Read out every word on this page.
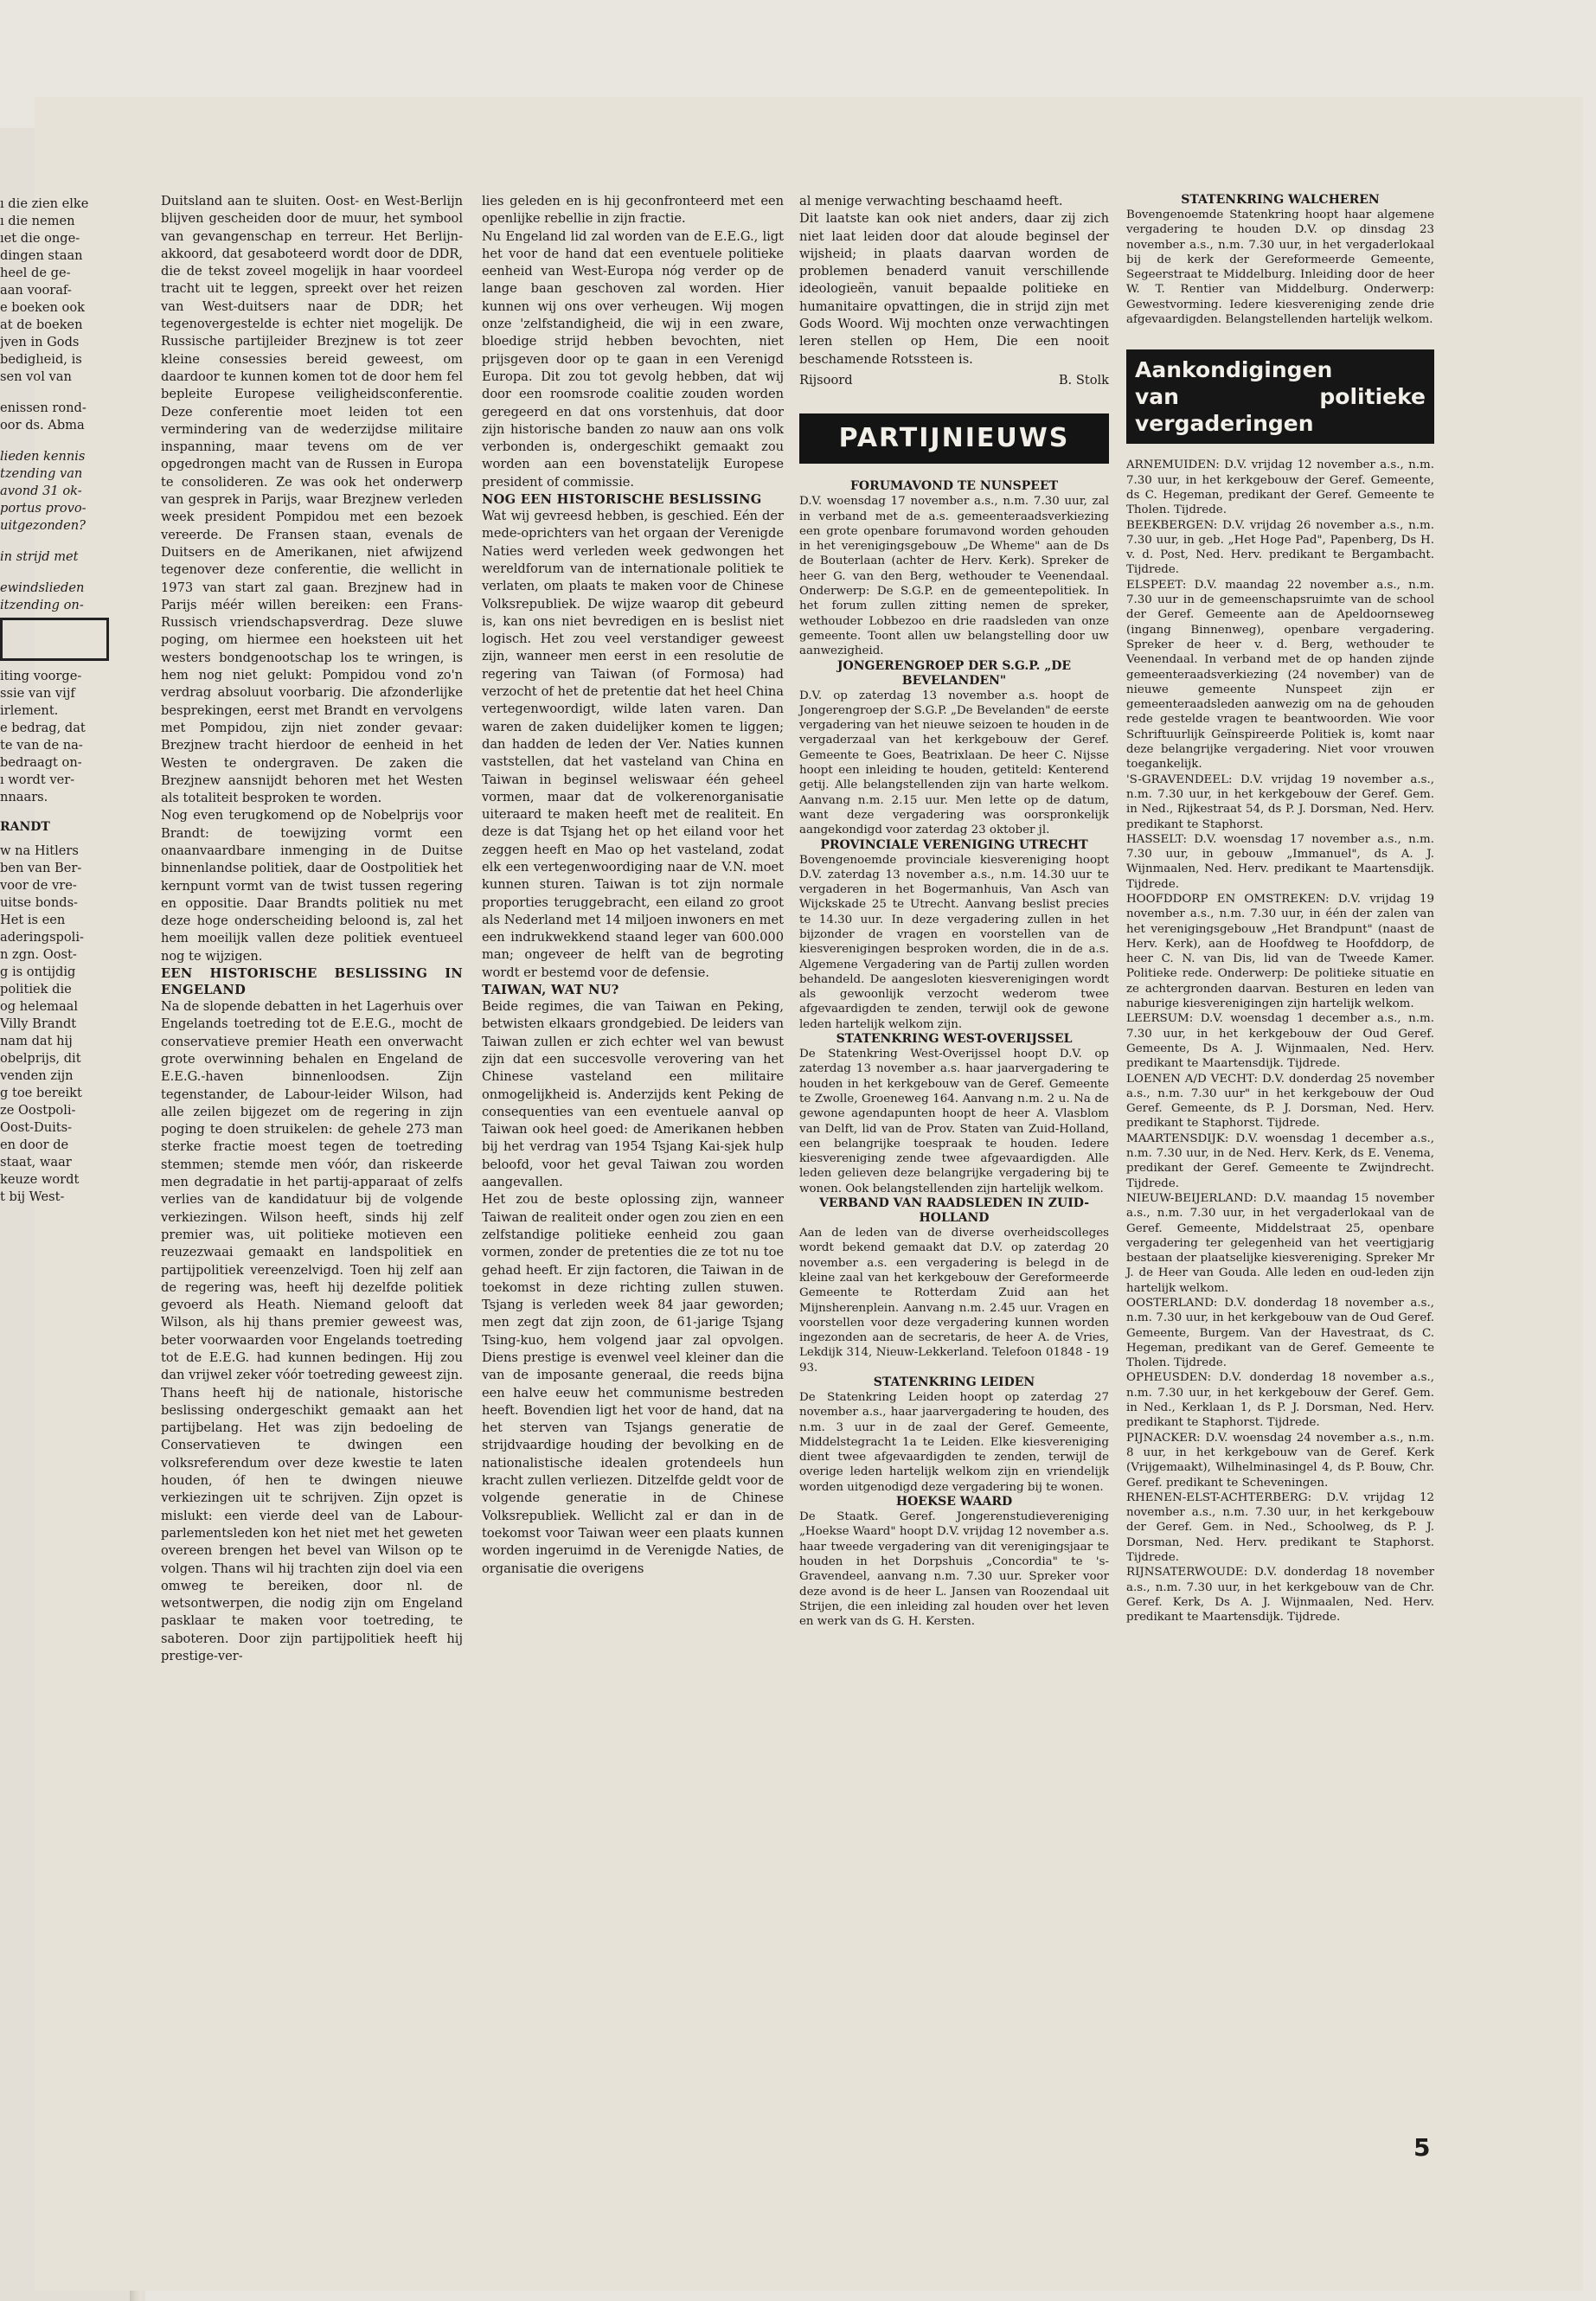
ı die zien elke
ı die nemen
ıet die onge-
dingen staan
heel de ge-
aan vooraf-
e boeken ook
at de boeken
jven in Gods
bediglıeid, is
sen vol van

enissen rond-
oor ds. Abma

lieden kennis
tzending van
avond 31 ok-
portus provo-
uitgezonden?

in strijd met

ewindslieden
itzending on-

iting voorge-
ssie van vijf
irlement.
e bedrag, dat
te van de na-
bedraagt on-
ı wordt ver-
nnaars.

RANDT

w na Hitlers
ben van Ber-
voor de vre-
uitse bonds-
Het is een
aderingspoli-
n zgn. Oost-
g is ontijdig
politiek die
og helemaal
Villy Brandt
nam dat hij
obelprijs, dit
venden zijn
g toe bereikt
ze Oostpoli-
Oost-Duits-
en door de
staat, waar
keuze wordt
t bij West-

Duitsland aan te sluiten. Oost- en West-Berlijn blijven gescheiden door de muur, het symbool van gevangenschap en terreur. Het Berlijn-akkoord, dat gesaboteerd wordt door de DDR, die de tekst zoveel mogelijk in haar voordeel tracht uit te leggen, spreekt over het reizen van West-duitsers naar de DDR; het tegenovergestelde is echter niet mogelijk. De Russische partijleider Brezjnew is tot zeer kleine consessies bereid geweest, om daardoor te kunnen komen tot de door hem fel bepleite Europese veiligheidsconferentie. Deze conferentie moet leiden tot een vermindering van de wederzijdse militaire inspanning, maar tevens om de ver opgedrongen macht van de Russen in Europa te consolideren. Ze was ook het onderwerp van gesprek in Parijs, waar Brezjnew verleden week president Pompidou met een bezoek vereerde. De Fransen staan, evenals de Duitsers en de Amerikanen, niet afwijzend tegenover deze conferentie, die wellicht in 1973 van start zal gaan. Brezjnew had in Parijs méér willen bereiken: een Frans-Russisch vriendschapsverdrag. Deze sluwe poging, om hiermee een hoeksteen uit het westers bondgenootschap los te wringen, is hem nog niet gelukt: Pompidou vond zo'n verdrag absoluut voorbarig. Die afzonderlijke besprekingen, eerst met Brandt en vervolgens met Pompidou, zijn niet zonder gevaar: Brezjnew tracht hierdoor de eenheid in het Westen te ondergraven. De zaken die Brezjnew aansnijdt behoren met het Westen als totaliteit besproken te worden.

Nog even terugkomend op de Nobelprijs voor Brandt: de toewijzing vormt een onaanvaardbare inmenging in de Duitse binnenlandse politiek, daar de Oostpolitiek het kernpunt vormt van de twist tussen regering en oppositie. Daar Brandts politiek nu met deze hoge onderscheiding beloond is, zal het hem moeilijk vallen deze politiek eventueel nog te wijzigen.

EEN HISTORISCHE BESLISSING IN ENGELAND

Na de slopende debatten in het Lagerhuis over Engelands toetreding tot de E.E.G., mocht de conservatieve premier Heath een onverwacht grote overwinning behalen en Engeland de E.E.G.-haven binnenloodsen. Zijn tegenstander, de Labour-leider Wilson, had alle zeilen bijgezet om de regering in zijn poging te doen struikelen: de gehele 273 man sterke fractie moest tegen de toetreding stemmen; stemde men vóór, dan riskeerde men degradatie in het partij-apparaat of zelfs verlies van de kandidatuur bij de volgende verkiezingen. Wilson heeft, sinds hij zelf premier was, uit politieke motieven een reuzezwaai gemaakt en landspolitiek en partijpolitiek vereenzelvigd. Toen hij zelf aan de regering was, heeft hij dezelfde politiek gevoerd als Heath. Niemand gelooft dat Wilson, als hij thans premier geweest was, beter voorwaarden voor Engelands toetreding tot de E.E.G. had kunnen bedingen. Hij zou dan vrijwel zeker vóór toetreding geweest zijn. Thans heeft hij de nationale, historische beslissing ondergeschikt gemaakt aan het partijbelang. Het was zijn bedoeling de Conservatieven te dwingen een volksreferendum over deze kwestie te laten houden, óf hen te dwingen nieuwe verkiezingen uit te schrijven. Zijn opzet is mislukt: een vierde deel van de Labour-parlementsleden kon het niet met het geweten overeen brengen het bevel van Wilson op te volgen. Thans wil hij trachten zijn doel via een omweg te bereiken, door nl. de wetsontwerpen, die nodig zijn om Engeland pasklaar te maken voor toetreding, te saboteren. Door zijn partijpolitiek heeft hij prestige-ver-

lies geleden en is hij geconfronteerd met een openlijke rebellie in zijn fractie.

Nu Engeland lid zal worden van de E.E.G., ligt het voor de hand dat een eventuele politieke eenheid van West-Europa nóg verder op de lange baan geschoven zal worden. Hier kunnen wij ons over verheugen. Wij mogen onze 'zelfstandigheid, die wij in een zware, bloedige strijd hebben bevochten, niet prijsgeven door op te gaan in een Verenigd Europa. Dit zou tot gevolg hebben, dat wij door een roomsrode coalitie zouden worden geregeerd en dat ons vorstenhuis, dat door zijn historische banden zo nauw aan ons volk verbonden is, ondergeschikt gemaakt zou worden aan een bovenstatelijk Europese president of commissie.

NOG EEN HISTORISCHE BESLISSING

Wat wij gevreesd hebben, is geschied. Eén der mede-oprichters van het orgaan der Verenigde Naties werd verleden week gedwongen het wereldforum van de internationale politiek te verlaten, om plaats te maken voor de Chinese Volksrepubliek. De wijze waarop dit gebeurd is, kan ons niet bevredigen en is beslist niet logisch. Het zou veel verstandiger geweest zijn, wanneer men eerst in een resolutie de regering van Taiwan (of Formosa) had verzocht of het de pretentie dat het heel China vertegenwoordigt, wilde laten varen. Dan waren de zaken duidelijker komen te liggen; dan hadden de leden der Ver. Naties kunnen vaststellen, dat het vasteland van China en Taiwan in beginsel weliswaar één geheel vormen, maar dat de volkerenorganisatie uiteraard te maken heeft met de realiteit. En deze is dat Tsjang het op het eiland voor het zeggen heeft en Mao op het vasteland, zodat elk een vertegenwoordiging naar de V.N. moet kunnen sturen. Taiwan is tot zijn normale proporties teruggebracht, een eiland zo groot als Nederland met 14 miljoen inwoners en met een indrukwekkend staand leger van 600.000 man; ongeveer de helft van de begroting wordt er bestemd voor de defensie.

TAIWAN, WAT NU?

Beide regimes, die van Taiwan en Peking, betwisten elkaars grondgebied. De leiders van Taiwan zullen er zich echter wel van bewust zijn dat een succesvolle verovering van het Chinese vasteland een militaire onmogelijkheid is. Anderzijds kent Peking de consequenties van een eventuele aanval op Taiwan ook heel goed: de Amerikanen hebben bij het verdrag van 1954 Tsjang Kai-sjek hulp beloofd, voor het geval Taiwan zou worden aangevallen.

Het zou de beste oplossing zijn, wanneer Taiwan de realiteit onder ogen zou zien en een zelfstandige politieke eenheid zou gaan vormen, zonder de pretenties die ze tot nu toe gehad heeft. Er zijn factoren, die Taiwan in de toekomst in deze richting zullen stuwen. Tsjang is verleden week 84 jaar geworden; men zegt dat zijn zoon, de 61-jarige Tsjang Tsing-kuo, hem volgend jaar zal opvolgen. Diens prestige is evenwel veel kleiner dan die van de imposante generaal, die reeds bijna een halve eeuw het communisme bestreden heeft. Bovendien ligt het voor de hand, dat na het sterven van Tsjangs generatie de strijdvaardige houding der bevolking en de nationalistische idealen grotendeels hun kracht zullen verliezen. Ditzelfde geldt voor de volgende generatie in de Chinese Volksrepubliek. Wellicht zal er dan in de toekomst voor Taiwan weer een plaats kunnen worden ingeruimd in de Verenigde Naties, de organisatie die overigens

al menige verwachting beschaamd heeft.

Dit laatste kan ook niet anders, daar zij zich niet laat leiden door dat aloude beginsel der wijsheid; in plaats daarvan worden de problemen benaderd vanuit verschillende ideologieën, vanuit bepaalde politieke en humanitaire opvattingen, die in strijd zijn met Gods Woord. Wij mochten onze verwachtingen leren stellen op Hem, Die een nooit beschamende Rotssteen is.

Rijsoord	B. Stolk
PARTIJNIEUWS

FORUMAVOND TE NUNSPEET

D.V. woensdag 17 november a.s., n.m. 7.30 uur, zal in verband met de a.s. gemeenteraadsverkiezing een grote openbare forumavond worden gehouden in het verenigingsgebouw „De Wheme" aan de Ds de Bouterlaan (achter de Herv. Kerk). Spreker de heer G. van den Berg, wethouder te Veenendaal. Onderwerp: De S.G.P. en de gemeentepolitiek. In het forum zullen zitting nemen de spreker, wethouder Lobbezoo en drie raadsleden van onze gemeente. Toont allen uw belangstelling door uw aanwezigheid.

JONGERENGROEP DER S.G.P. „DE BEVELANDEN"

D.V. op zaterdag 13 november a.s. hoopt de Jongerengroep der S.G.P. „De Bevelanden" de eerste vergadering van het nieuwe seizoen te houden in de vergaderzaal van het kerkgebouw der Geref. Gemeente te Goes, Beatrixlaan. De heer C. Nijsse hoopt een inleiding te houden, getiteld: Kenterend getij. Alle belangstellenden zijn van harte welkom. Aanvang n.m. 2.15 uur. Men lette op de datum, want deze vergadering was oorspronkelijk aangekondigd voor zaterdag 23 oktober jl.

PROVINCIALE VERENIGING UTRECHT

Bovengenoemde provinciale kiesvereniging hoopt D.V. zaterdag 13 november a.s., n.m. 14.30 uur te vergaderen in het Bogermanhuis, Van Asch van Wijckskade 25 te Utrecht. Aanvang beslist precies te 14.30 uur. In deze vergadering zullen in het bijzonder de vragen en voorstellen van de kiesverenigingen besproken worden, die in de a.s. Algemene Vergadering van de Partij zullen worden behandeld. De aangesloten kiesverenigingen wordt als gewoonlijk verzocht wederom twee afgevaardigden te zenden, terwijl ook de gewone leden hartelijk welkom zijn.

STATENKRING WEST-OVERIJSSEL

De Statenkring West-Overijssel hoopt D.V. op zaterdag 13 november a.s. haar jaarvergadering te houden in het kerkgebouw van de Geref. Gemeente te Zwolle, Groeneweg 164. Aanvang n.m. 2 u. Na de gewone agendapunten hoopt de heer A. Vlasblom van Delft, lid van de Prov. Staten van Zuid-Holland, een belangrijke toespraak te houden. Iedere kiesvereniging zende twee afgevaardigden. Alle leden gelieven deze belangrijke vergadering bij te wonen. Ook belangstellenden zijn hartelijk welkom.

VERBAND VAN RAADSLEDEN IN ZUID-HOLLAND

Aan de leden van de diverse overheidscolleges wordt bekend gemaakt dat D.V. op zaterdag 20 november a.s. een vergadering is belegd in de kleine zaal van het kerkgebouw der Gereformeerde Gemeente te Rotterdam Zuid aan het Mijnsherenplein. Aanvang n.m. 2.45 uur. Vragen en voorstellen voor deze vergadering kunnen worden ingezonden aan de secretaris, de heer A. de Vries, Lekdijk 314, Nieuw-Lekkerland. Telefoon 01848 - 19 93.

STATENKRING LEIDEN

De Statenkring Leiden hoopt op zaterdag 27 november a.s., haar jaarvergadering te houden, des n.m. 3 uur in de zaal der Geref. Gemeente, Middelstegracht 1a te Leiden. Elke kiesvereniging dient twee afgevaardigden te zenden, terwijl de overige leden hartelijk welkom zijn en vriendelijk worden uitgenodigd deze vergadering bij te wonen.

HOEKSE WAARD

De Staatk. Geref. Jongerenstudievereniging „Hoekse Waard" hoopt D.V. vrijdag 12 november a.s. haar tweede vergadering van dit verenigingsjaar te houden in het Dorpshuis „Concordia" te 's-Gravendeel, aanvang n.m. 7.30 uur. Spreker voor deze avond is de heer L. Jansen van Roozendaal uit Strijen, die een inleiding zal houden over het leven en werk van ds G. H. Kersten.

STATENKRING WALCHEREN

Bovengenoemde Statenkring hoopt haar algemene vergadering te houden D.V. op dinsdag 23 november a.s., n.m. 7.30 uur, in het vergaderlokaal bij de kerk der Gereformeerde Gemeente, Segeerstraat te Middelburg. Inleiding door de heer W. T. Rentier van Middelburg. Onderwerp: Gewestvorming. Iedere kiesvereniging zende drie afgevaardigden. Belangstellenden hartelijk welkom.

Aankondigingen
van politieke vergaderingen

ARNEMUIDEN: D.V. vrijdag 12 november a.s., n.m. 7.30 uur, in het kerkgebouw der Geref. Gemeente, ds C. Hegeman, predikant der Geref. Gemeente te Tholen. Tijdrede.

BEEKBERGEN: D.V. vrijdag 26 november a.s., n.m. 7.30 uur, in geb. „Het Hoge Pad", Papenberg, Ds H. v. d. Post, Ned. Herv. predikant te Bergambacht. Tijdrede.

ELSPEET: D.V. maandag 22 november a.s., n.m. 7.30 uur in de gemeenschapsruimte van de school der Geref. Gemeente aan de Apeldoornseweg (ingang Binnenweg), openbare vergadering. Spreker de heer v. d. Berg, wethouder te Veenendaal. In verband met de op handen zijnde gemeenteraadsverkiezing (24 november) van de nieuwe gemeente Nunspeet zijn er gemeenteraadsleden aanwezig om na de gehouden rede gestelde vragen te beantwoorden. Wie voor Schriftuurlijk Geïnspireerde Politiek is, komt naar deze belangrijke vergadering. Niet voor vrouwen toegankelijk.

'S-GRAVENDEEL: D.V. vrijdag 19 november a.s., n.m. 7.30 uur, in het kerkgebouw der Geref. Gem. in Ned., Rijkestraat 54, ds P. J. Dorsman, Ned. Herv. predikant te Staphorst.

HASSELT: D.V. woensdag 17 november a.s., n.m. 7.30 uur, in gebouw „Immanuel", ds A. J. Wijnmaalen, Ned. Herv. predikant te Maartensdijk. Tijdrede.

HOOFDDORP EN OMSTREKEN: D.V. vrijdag 19 november a.s., n.m. 7.30 uur, in één der zalen van het verenigingsgebouw „Het Brandpunt" (naast de Herv. Kerk), aan de Hoofdweg te Hoofddorp, de heer C. N. van Dis, lid van de Tweede Kamer. Politieke rede. Onderwerp: De politieke situatie en ze achtergronden daarvan. Besturen en leden van naburige kiesverenigingen zijn hartelijk welkom.

LEERSUM: D.V. woensdag 1 december a.s., n.m. 7.30 uur, in het kerkgebouw der Oud Geref. Gemeente, Ds A. J. Wijnmaalen, Ned. Herv. predikant te Maartensdijk. Tijdrede.

LOENEN A/D VECHT: D.V. donderdag 25 november a.s., n.m. 7.30 uur" in het kerkgebouw der Oud Geref. Gemeente, ds P. J. Dorsman, Ned. Herv. predikant te Staphorst. Tijdrede.

MAARTENSDIJK: D.V. woensdag 1 december a.s., n.m. 7.30 uur, in de Ned. Herv. Kerk, ds E. Venema, predikant der Geref. Gemeente te Zwijndrecht. Tijdrede.

NIEUW-BEIJERLAND: D.V. maandag 15 november a.s., n.m. 7.30 uur, in het vergaderlokaal van de Geref. Gemeente, Middelstraat 25, openbare vergadering ter gelegenheid van het veertigjarig bestaan der plaatselijke kiesvereniging. Spreker Mr J. de Heer van Gouda. Alle leden en oud-leden zijn hartelijk welkom.

OOSTERLAND: D.V. donderdag 18 november a.s., n.m. 7.30 uur, in het kerkgebouw van de Oud Geref. Gemeente, Burgem. Van der Havestraat, ds C. Hegeman, predikant van de Geref. Gemeente te Tholen. Tijdrede.

OPHEUSDEN: D.V. donderdag 18 november a.s., n.m. 7.30 uur, in het kerkgebouw der Geref. Gem. in Ned., Kerklaan 1, ds P. J. Dorsman, Ned. Herv. predikant te Staphorst. Tijdrede.

PIJNACKER: D.V. woensdag 24 november a.s., n.m. 8 uur, in het kerkgebouw van de Geref. Kerk (Vrijgemaakt), Wilhelminasingel 4, ds P. Bouw, Chr. Geref. predikant te Scheveningen.

RHENEN-ELST-ACHTERBERG: D.V. vrijdag 12 november a.s., n.m. 7.30 uur, in het kerkgebouw der Geref. Gem. in Ned., Schoolweg, ds P. J. Dorsman, Ned. Herv. predikant te Staphorst. Tijdrede.

RIJNSATERWOUDE: D.V. donderdag 18 november a.s., n.m. 7.30 uur, in het kerkgebouw van de Chr. Geref. Kerk, Ds A. J. Wijnmaalen, Ned. Herv. predikant te Maartensdijk. Tijdrede.

5
